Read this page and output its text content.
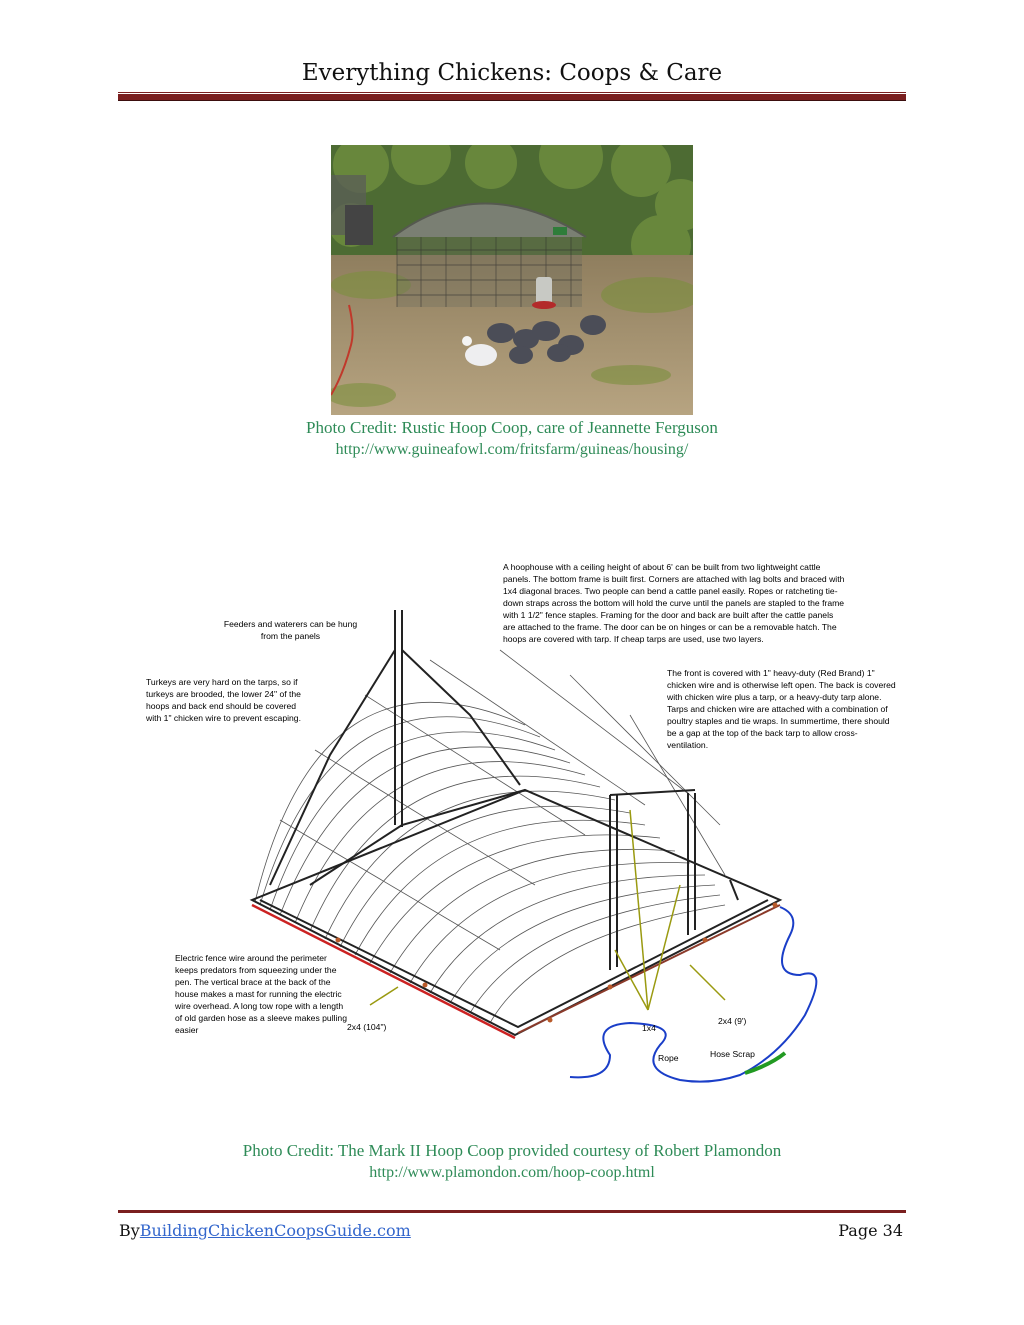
Everything Chickens: Coops & Care
Photo Credit: Rustic Hoop Coop, care of Jeannette Ferguson
http://www.guineafowl.com/fritsfarm/guineas/housing/
A hoophouse with a ceiling height of about 6' can be built from two lightweight cattle panels. The bottom frame is built first. Corners are attached with lag bolts and braced with 1x4 diagonal braces. Two people can bend a cattle panel easily. Ropes or ratcheting tie-down straps across the bottom will hold the curve until the panels are stapled to the frame with 1 1/2" fence staples. Framing for the door and back are built after the cattle panels are attached to the frame. The door can be on hinges or can be a removable hatch. The hoops are covered with tarp. If cheap tarps are used, use two layers.
Feeders and waterers can be hung from the panels
Turkeys are very hard on the tarps, so if turkeys are brooded, the lower 24" of the hoops and back end should be covered with 1" chicken wire to prevent escaping.
The front is covered with 1" heavy-duty (Red Brand) 1" chicken wire and is otherwise left open. The back is covered with chicken wire plus a tarp, or a heavy-duty tarp alone. Tarps and chicken wire are attached with a combination of poultry staples and tie wraps. In summertime, there should be a gap at the top of the back tarp to allow cross-ventilation.
Electric fence wire around the perimeter keeps predators from squeezing under the pen. The vertical brace at the back of the house makes a mast for running the electric wire overhead. A long tow rope with a length of old garden hose as a sleeve makes pulling easier	2x4 (104")	1x4
2x4 (9')
Rope	Hose Scrap
Photo Credit: The Mark II Hoop Coop provided courtesy of Robert Plamondon
http://www.plamondon.com/hoop-coop.html
ByBuildingChickenCoopsGuide.com	Page 34
